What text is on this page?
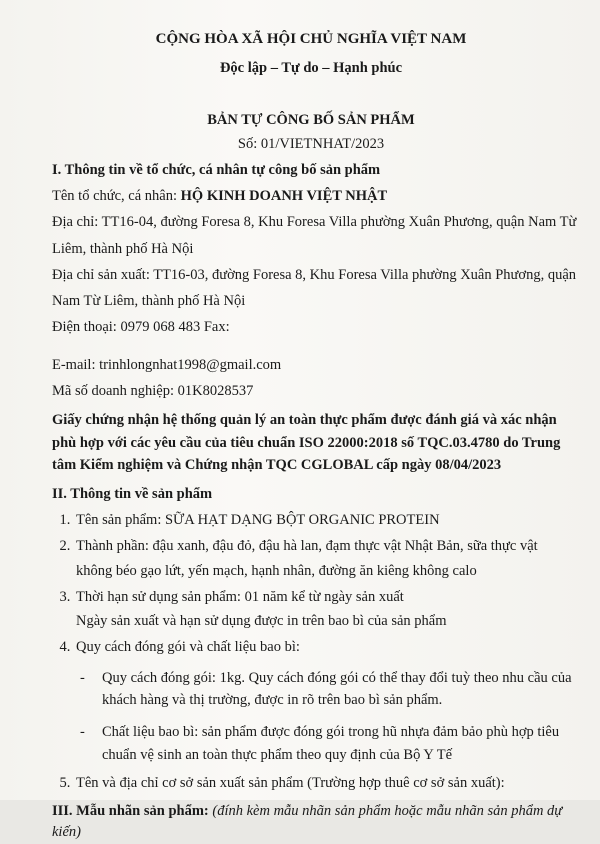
CỘNG HÒA XÃ HỘI CHỦ NGHĨA VIỆT NAM

Độc lập – Tự do – Hạnh phúc

BẢN TỰ CÔNG BỐ SẢN PHẨM

Số: 01/VIETNHAT/2023

I. Thông tin về tổ chức, cá nhân tự công bố sản phẩm

Tên tổ chức, cá nhân: HỘ KINH DOANH VIỆT NHẬT

Địa chỉ: TT16-04, đường Foresa 8, Khu Foresa Villa phường Xuân Phương, quận Nam Từ

Liêm, thành phố Hà Nội

Địa chỉ sản xuất: TT16-03, đường Foresa 8, Khu Foresa Villa phường Xuân Phương, quận

Nam Từ Liêm, thành phố Hà Nội

Điện thoại: 0979 068 483 Fax:

E-mail: trinhlongnhat1998@gmail.com

Mã số doanh nghiệp: 01K8028537

Giấy chứng nhận hệ thống quản lý an toàn thực phẩm được đánh giá và xác nhận

phù hợp với các yêu cầu của tiêu chuẩn ISO 22000:2018 số TQC.03.4780 do Trung

tâm Kiểm nghiệm và Chứng nhận TQC CGLOBAL cấp ngày 08/04/2023

II. Thông tin về sản phẩm

1. Tên sản phẩm: SỮA HẠT DẠNG BỘT ORGANIC PROTEIN
2. Thành phần: đậu xanh, đậu đỏ, đậu hà lan, đạm thực vật Nhật Bản, sữa thực vật
không béo gạo lứt, yến mạch, hạnh nhân, đường ăn kiêng không calo
3. Thời hạn sử dụng sản phẩm: 01 năm kể từ ngày sản xuất
Ngày sản xuất và hạn sử dụng được in trên bao bì của sản phẩm
4. Quy cách đóng gói và chất liệu bao bì:
- Quy cách đóng gói: 1kg. Quy cách đóng gói có thể thay đổi tuỳ theo nhu cầu của
khách hàng và thị trường, được in rõ trên bao bì sản phẩm.
- Chất liệu bao bì: sản phẩm được đóng gói trong hũ nhựa đảm bảo phù hợp tiêu
chuẩn vệ sinh an toàn thực phẩm theo quy định của Bộ Y Tế
5. Tên và địa chỉ cơ sở sản xuất sản phẩm (Trường hợp thuê cơ sở sản xuất):

III. Mẫu nhãn sản phẩm: (đính kèm mẫu nhãn sản phẩm hoặc mẫu nhãn sản phẩm dự

kiến)
